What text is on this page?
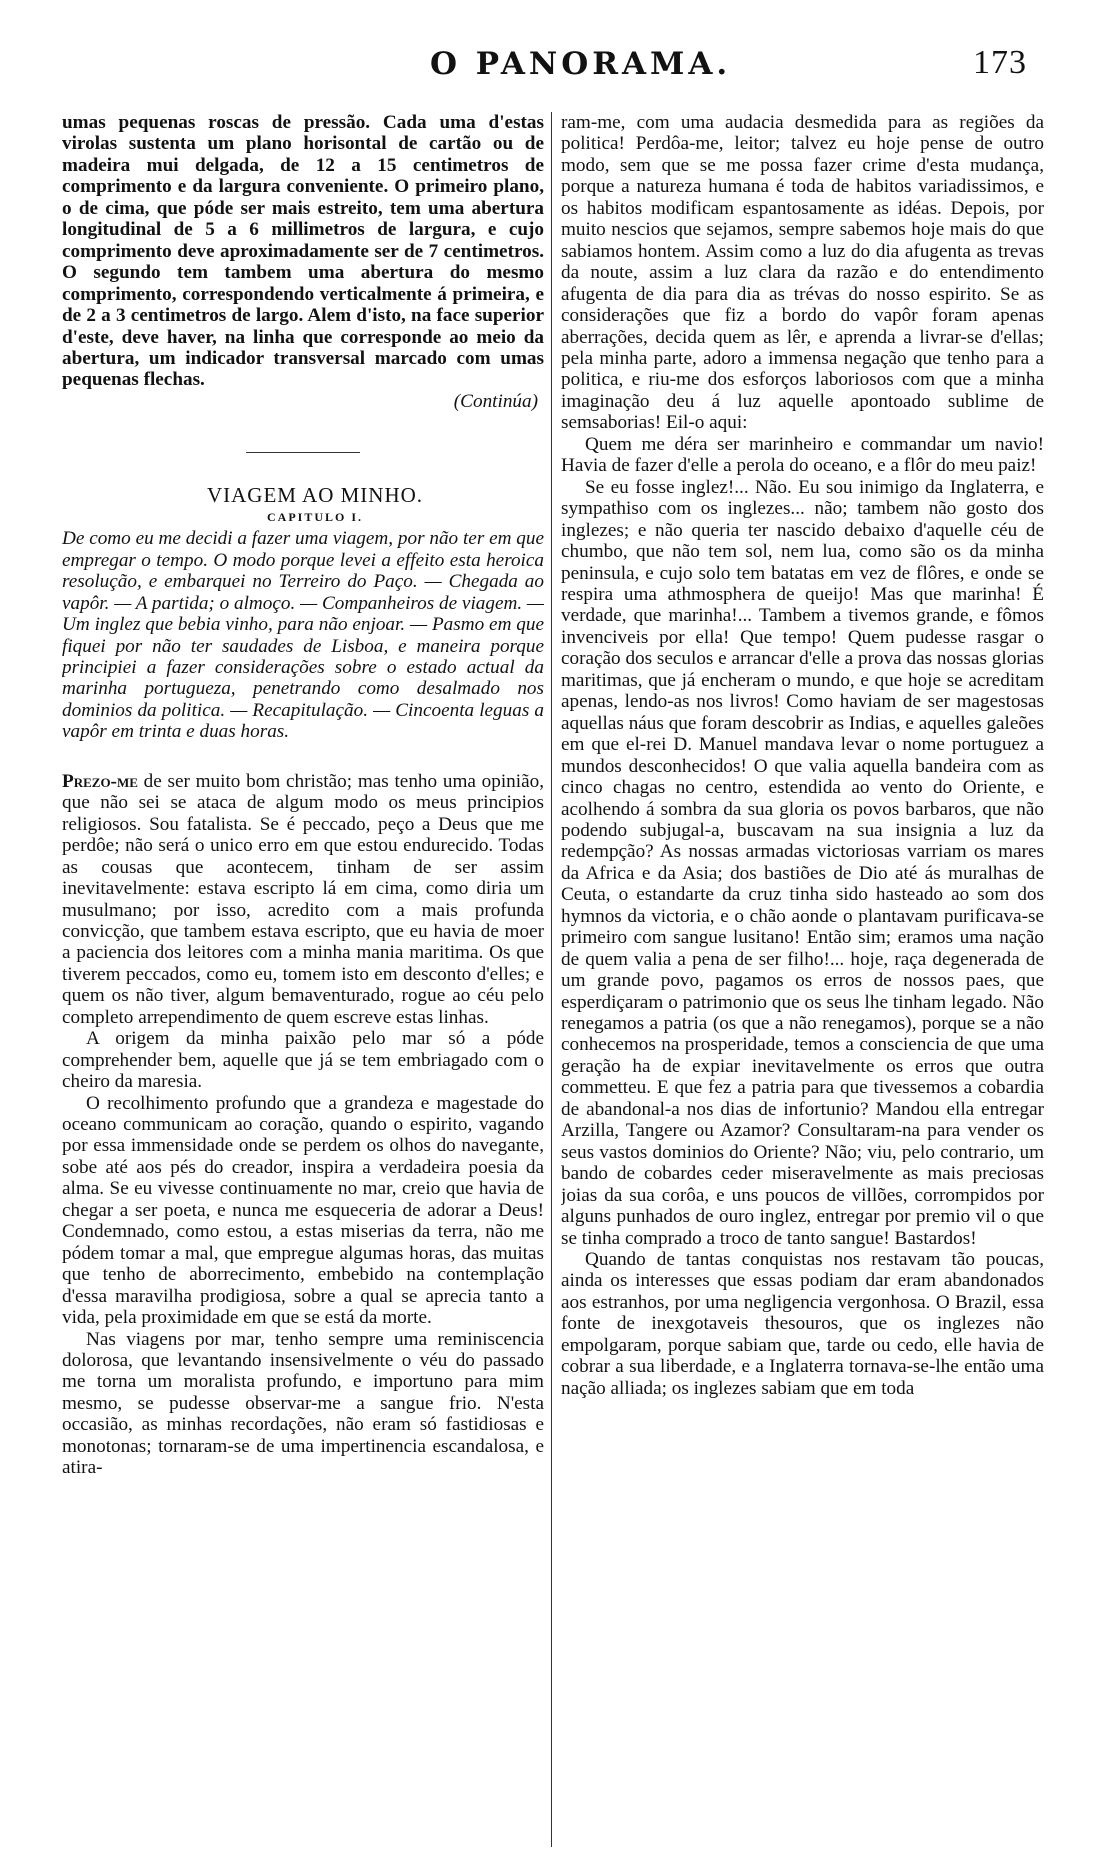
O PANORAMA.	173

umas pequenas roscas de pressão. Cada uma d'estas virolas sustenta um plano horisontal de cartão ou de madeira mui delgada, de 12 a 15 centimetros de comprimento e da largura conveniente. O primeiro plano, o de cima, que póde ser mais estreito, tem uma abertura longitudinal de 5 a 6 millimetros de largura, e cujo comprimento deve aproximadamente ser de 7 centimetros. O segundo tem tambem uma abertura do mesmo comprimento, correspondendo verticalmente á primeira, e de 2 a 3 centimetros de largo. Alem d'isto, na face superior d'este, deve haver, na linha que corresponde ao meio da abertura, um indicador transversal marcado com umas pequenas flechas.

(Continúa)

VIAGEM AO MINHO.

CAPITULO I.

De como eu me decidi a fazer uma viagem, por não ter em que empregar o tempo. O modo porque levei a effeito esta heroica resolução, e embarquei no Terreiro do Paço. — Chegada ao vapôr. — A partida; o almoço. — Companheiros de viagem. — Um inglez que bebia vinho, para não enjoar. — Pasmo em que fiquei por não ter saudades de Lisboa, e maneira porque principiei a fazer considerações sobre o estado actual da marinha portugueza, penetrando como desalmado nos dominios da politica. — Recapitulação. — Cincoenta leguas a vapôr em trinta e duas horas.

Prezo-me de ser muito bom christão; mas tenho uma opinião, que não sei se ataca de algum modo os meus principios religiosos. Sou fatalista. Se é peccado, peço a Deus que me perdôe; não será o unico erro em que estou endurecido. Todas as cousas que acontecem, tinham de ser assim inevitavelmente: estava escripto lá em cima, como diria um musulmano; por isso, acredito com a mais profunda convicção, que tambem estava escripto, que eu havia de moer a paciencia dos leitores com a minha mania maritima. Os que tiverem peccados, como eu, tomem isto em desconto d'elles; e quem os não tiver, algum bemaventurado, rogue ao céu pelo completo arrependimento de quem escreve estas linhas.

A origem da minha paixão pelo mar só a póde comprehender bem, aquelle que já se tem embriagado com o cheiro da maresia.

O recolhimento profundo que a grandeza e magestade do oceano communicam ao coração, quando o espirito, vagando por essa immensidade onde se perdem os olhos do navegante, sobe até aos pés do creador, inspira a verdadeira poesia da alma. Se eu vivesse continuamente no mar, creio que havia de chegar a ser poeta, e nunca me esqueceria de adorar a Deus! Condemnado, como estou, a estas miserias da terra, não me pódem tomar a mal, que empregue algumas horas, das muitas que tenho de aborrecimento, embebido na contemplação d'essa maravilha prodigiosa, sobre a qual se aprecia tanto a vida, pela proximidade em que se está da morte.

Nas viagens por mar, tenho sempre uma reminiscencia dolorosa, que levantando insensivelmente o véu do passado me torna um moralista profundo, e importuno para mim mesmo, se pudesse observar-me a sangue frio. N'esta occasião, as minhas recordações, não eram só fastidiosas e monotonas; tornaram-se de uma impertinencia escandalosa, e atira-

ram-me, com uma audacia desmedida para as regiões da politica! Perdôa-me, leitor; talvez eu hoje pense de outro modo, sem que se me possa fazer crime d'esta mudança, porque a natureza humana é toda de habitos variadissimos, e os habitos modificam espantosamente as idéas. Depois, por muito nescios que sejamos, sempre sabemos hoje mais do que sabiamos hontem. Assim como a luz do dia afugenta as trevas da noute, assim a luz clara da razão e do entendimento afugenta de dia para dia as trévas do nosso espirito. Se as considerações que fiz a bordo do vapôr foram apenas aberrações, decida quem as lêr, e aprenda a livrar-se d'ellas; pela minha parte, adoro a immensa negação que tenho para a politica, e riu-me dos esforços laboriosos com que a minha imaginação deu á luz aquelle apontoado sublime de semsaborias! Eil-o aqui:

Quem me déra ser marinheiro e commandar um navio! Havia de fazer d'elle a perola do oceano, e a flôr do meu paiz!

Se eu fosse inglez!... Não. Eu sou inimigo da Inglaterra, e sympathiso com os inglezes... não; tambem não gosto dos inglezes; e não queria ter nascido debaixo d'aquelle céu de chumbo, que não tem sol, nem lua, como são os da minha peninsula, e cujo solo tem batatas em vez de flôres, e onde se respira uma athmosphera de queijo! Mas que marinha! É verdade, que marinha!... Tambem a tivemos grande, e fômos invenciveis por ella! Que tempo! Quem pudesse rasgar o coração dos seculos e arrancar d'elle a prova das nossas glorias maritimas, que já encheram o mundo, e que hoje se acreditam apenas, lendo-as nos livros! Como haviam de ser magestosas aquellas náus que foram descobrir as Indias, e aquelles galeões em que el-rei D. Manuel mandava levar o nome portuguez a mundos desconhecidos! O que valia aquella bandeira com as cinco chagas no centro, estendida ao vento do Oriente, e acolhendo á sombra da sua gloria os povos barbaros, que não podendo subjugal-a, buscavam na sua insignia a luz da redempção? As nossas armadas victoriosas varriam os mares da Africa e da Asia; dos bastiões de Dio até ás muralhas de Ceuta, o estandarte da cruz tinha sido hasteado ao som dos hymnos da victoria, e o chão aonde o plantavam purificava-se primeiro com sangue lusitano! Então sim; eramos uma nação de quem valia a pena de ser filho!... hoje, raça degenerada de um grande povo, pagamos os erros de nossos paes, que esperdiçaram o patrimonio que os seus lhe tinham legado. Não renegamos a patria (os que a não renegamos), porque se a não conhecemos na prosperidade, temos a consciencia de que uma geração ha de expiar inevitavelmente os erros que outra commetteu. E que fez a patria para que tivessemos a cobardia de abandonal-a nos dias de infortunio? Mandou ella entregar Arzilla, Tangere ou Azamor? Consultaram-na para vender os seus vastos dominios do Oriente? Não; viu, pelo contrario, um bando de cobardes ceder miseravelmente as mais preciosas joias da sua corôa, e uns poucos de villões, corrompidos por alguns punhados de ouro inglez, entregar por premio vil o que se tinha comprado a troco de tanto sangue! Bastardos!

Quando de tantas conquistas nos restavam tão poucas, ainda os interesses que essas podiam dar eram abandonados aos estranhos, por uma negligencia vergonhosa. O Brazil, essa fonte de inexgotaveis thesouros, que os inglezes não empolgaram, porque sabiam que, tarde ou cedo, elle havia de cobrar a sua liberdade, e a Inglaterra tornava-se-lhe então uma nação alliada; os inglezes sabiam que em toda
